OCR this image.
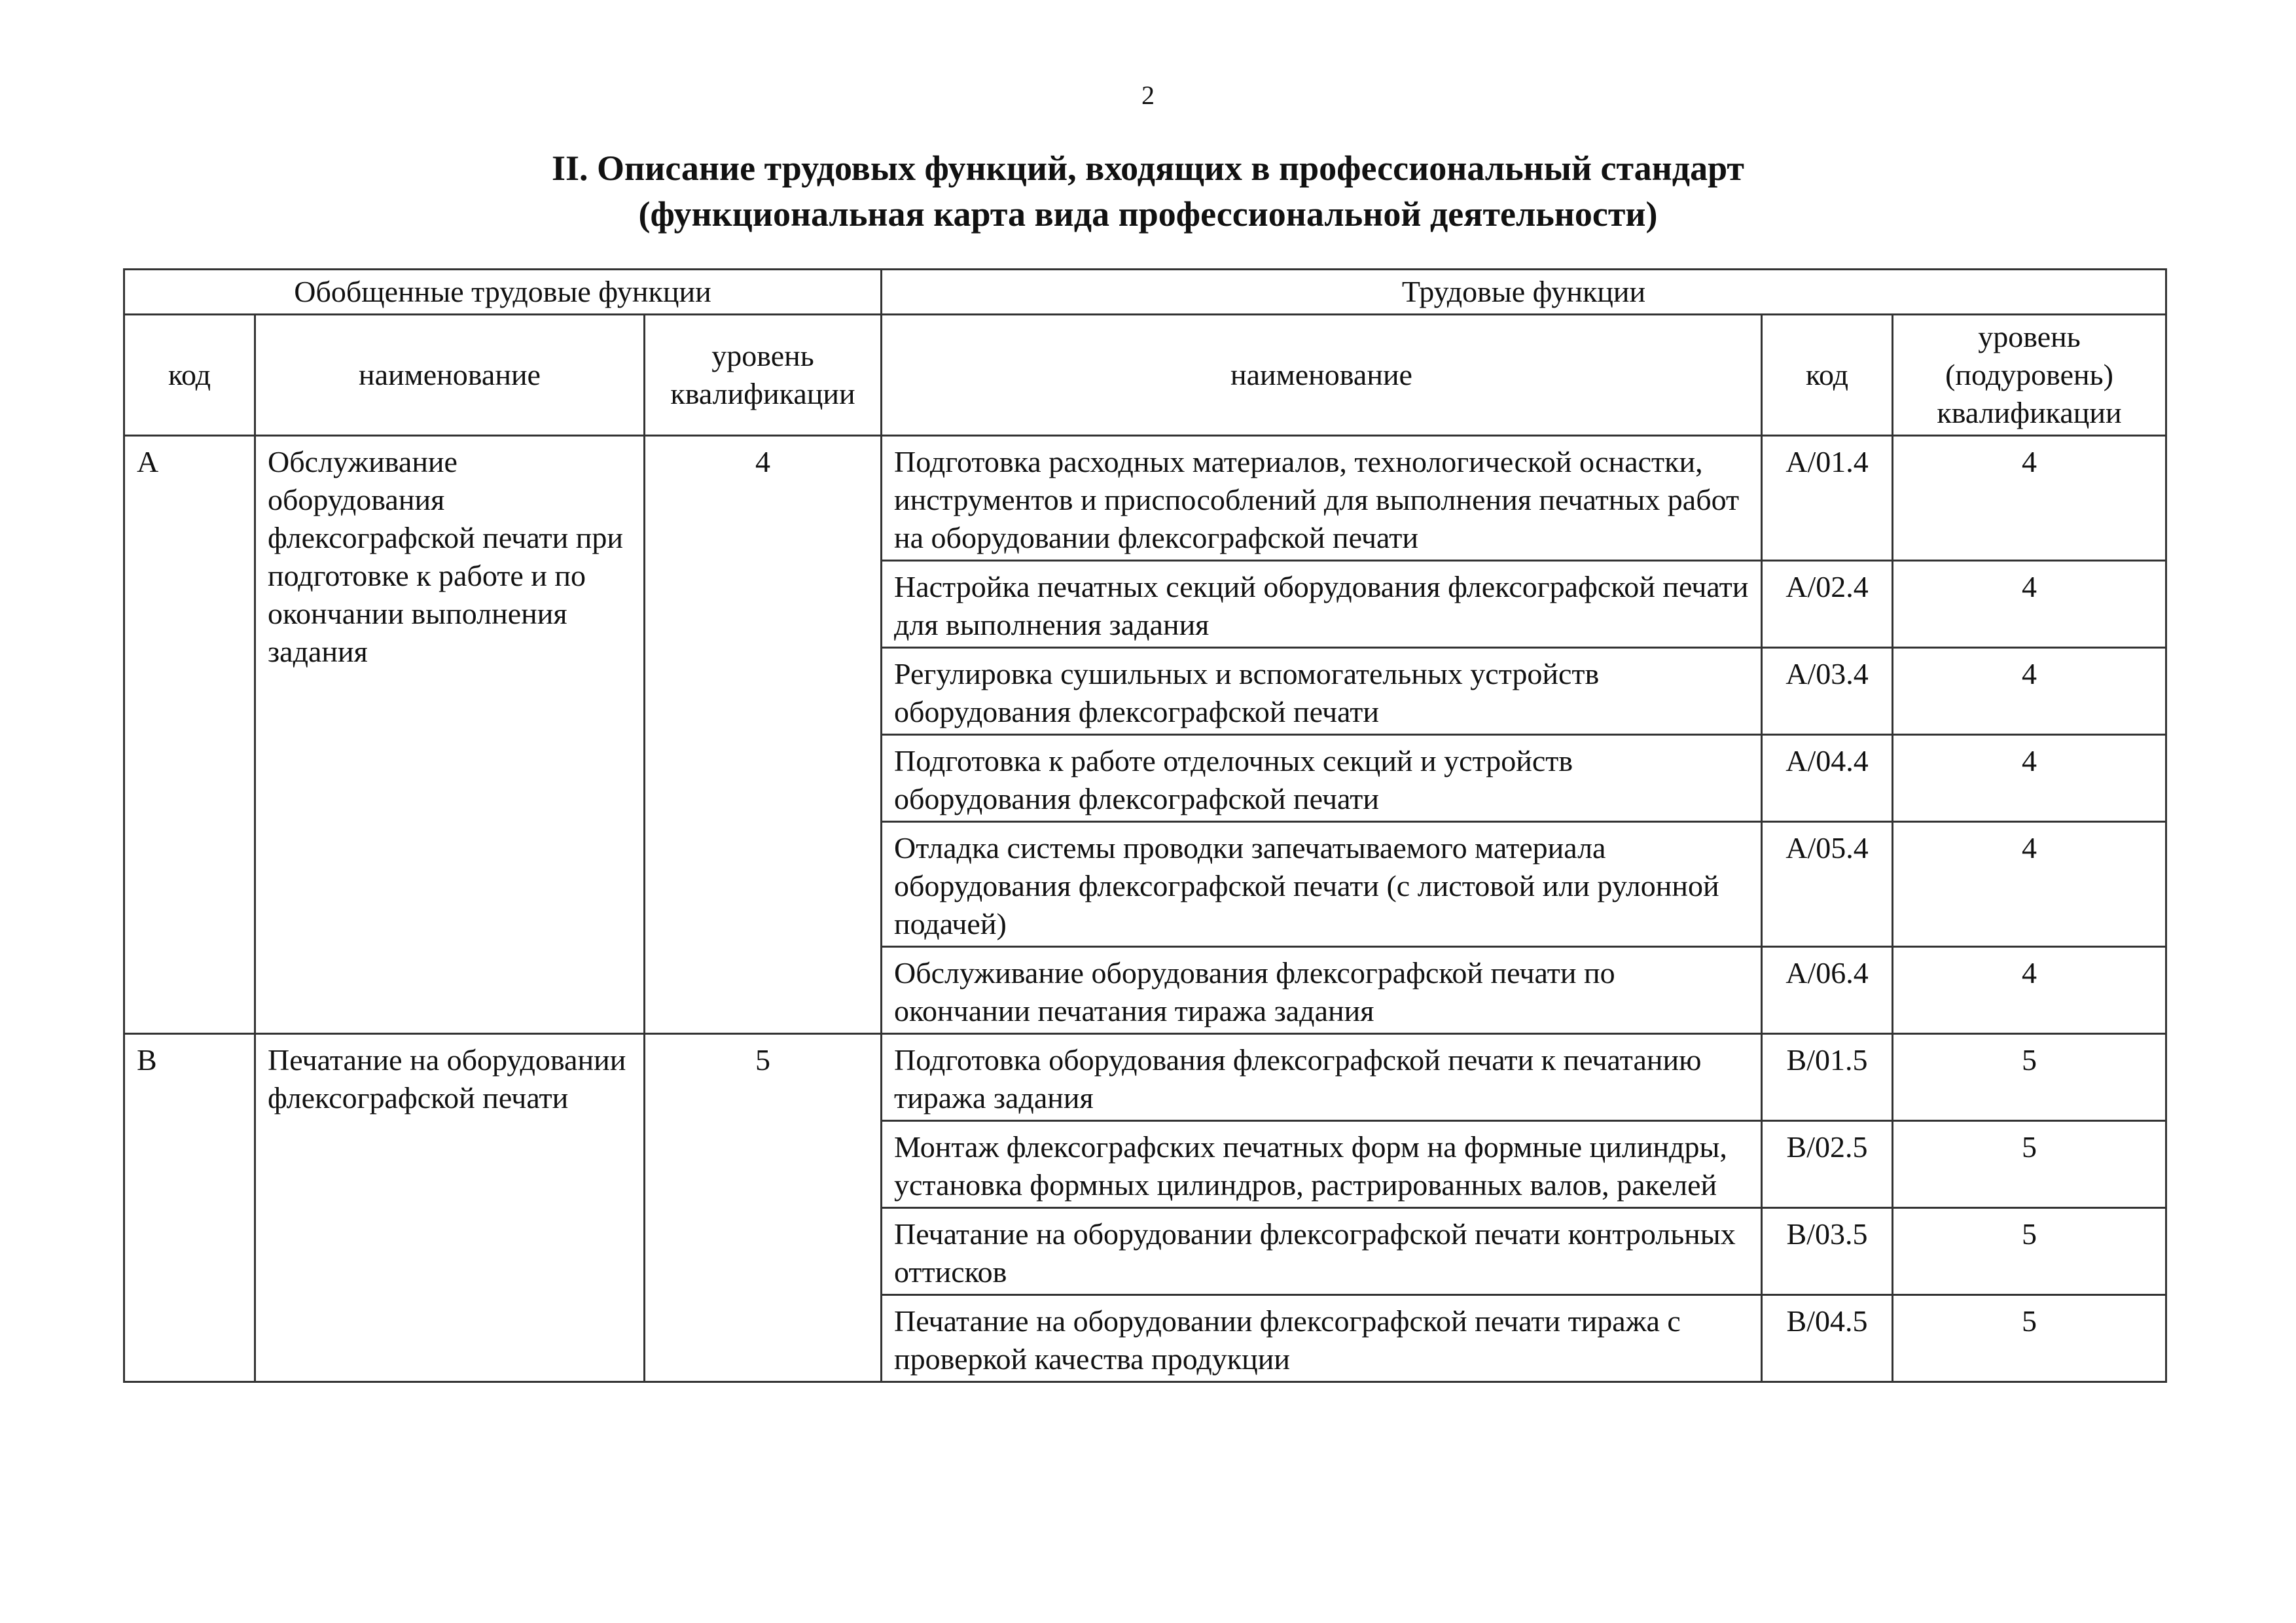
2
II. Описание трудовых функций, входящих в профессиональный стандарт
(функциональная карта вида профессиональной деятельности)
Обобщенные трудовые функции			Трудовые функции		
код	наименование	уровень квалификации	наименование	код	уровень (подуровень) квалификации
A	Обслуживание оборудования флексографской печати при подготовке к работе и по окончании выполнения задания	4	Подготовка расходных материалов, технологической оснастки, инструментов и приспособлений для выполнения печатных работ на оборудовании флексографской печати	А/01.4	4
			Настройка печатных секций оборудования флексографской печати для выполнения задания	А/02.4	4
			Регулировка сушильных и вспомогательных устройств оборудования флексографской печати	А/03.4	4
			Подготовка к работе отделочных секций и устройств оборудования флексографской печати	А/04.4	4
			Отладка системы проводки запечатываемого материала оборудования флексографской печати (с листовой или рулонной подачей)	А/05.4	4
			Обслуживание оборудования флексографской печати по окончании печатания тиража задания	А/06.4	4
B	Печатание на оборудовании флексографской печати	5	Подготовка оборудования флексографской печати к печатанию тиража задания	В/01.5	5
			Монтаж флексографских печатных форм на формные цилиндры, установка формных цилиндров, растрированных валов, ракелей	В/02.5	5
			Печатание на оборудовании флексографской печати контрольных оттисков	В/03.5	5
			Печатание на оборудовании флексографской печати тиража с проверкой качества продукции	В/04.5	5
